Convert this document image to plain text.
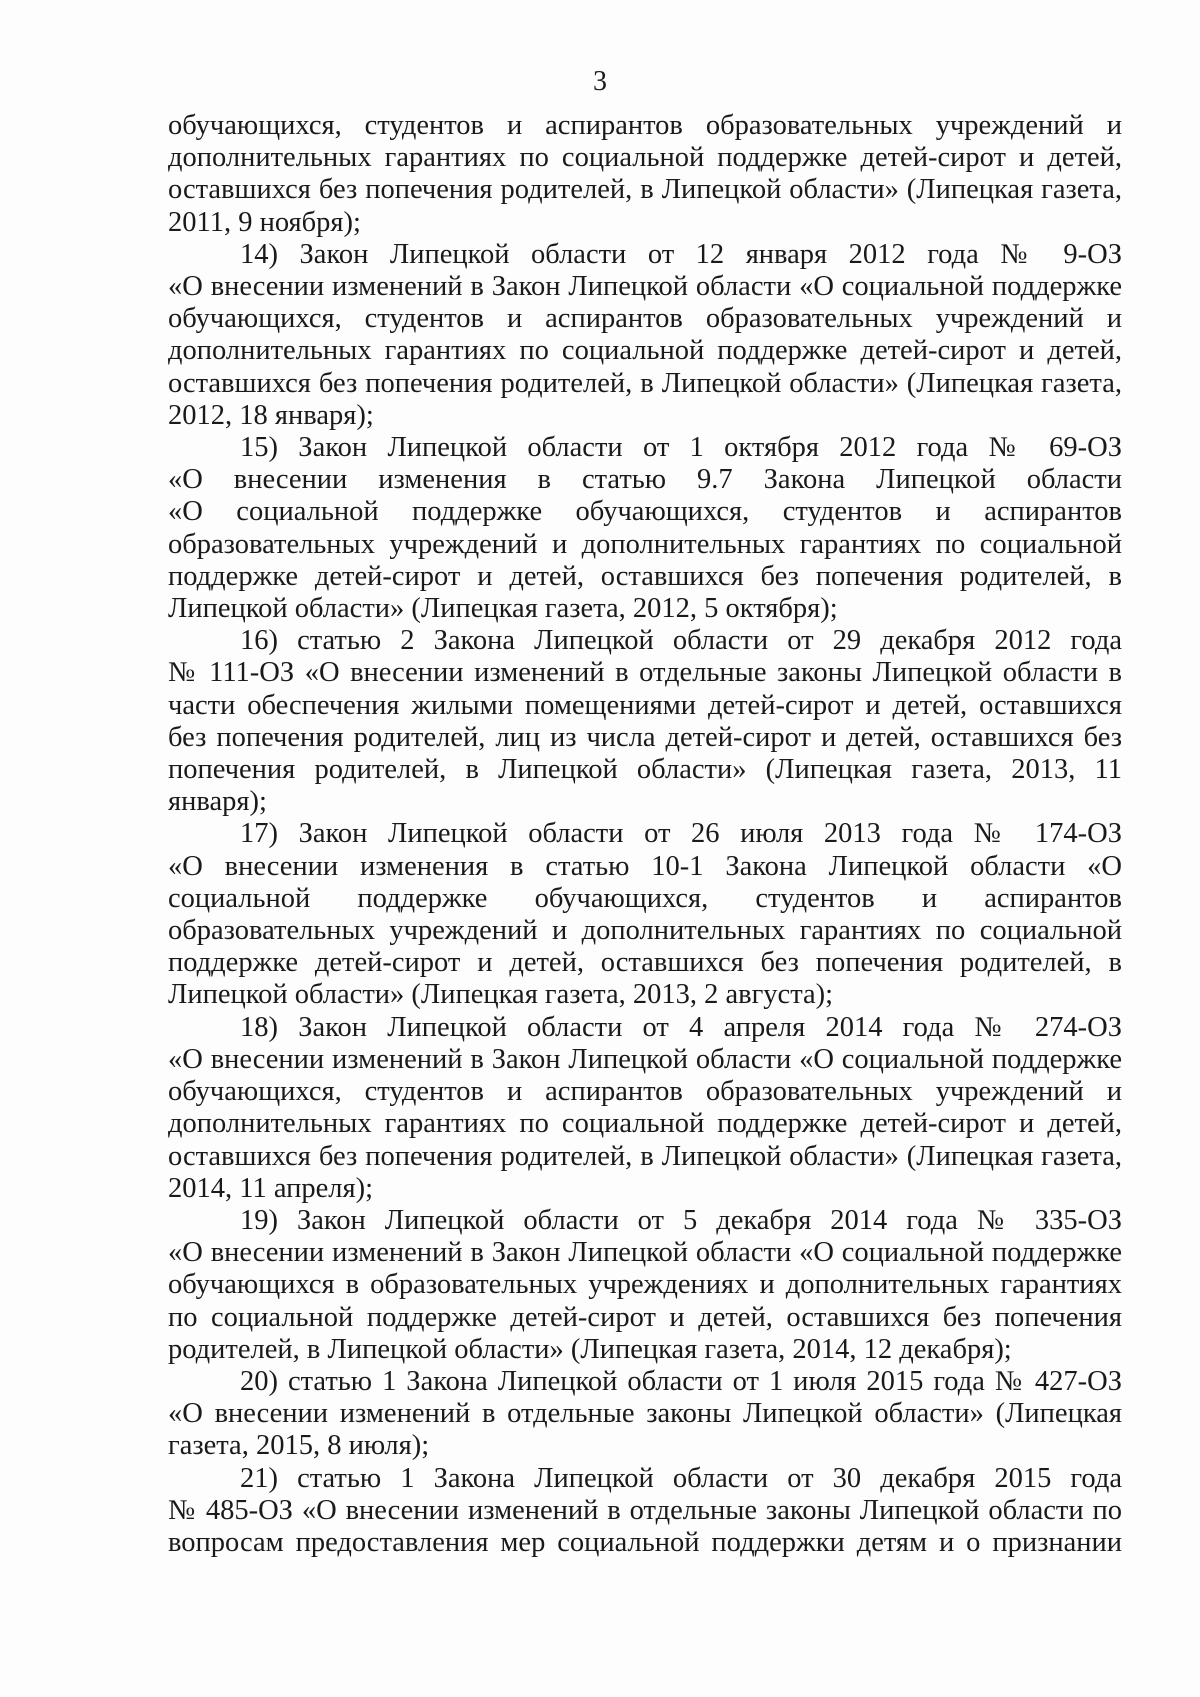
3
обучающихся, студентов и аспирантов образовательных учреждений и
дополнительных гарантиях по социальной поддержке детей-сирот и детей,
оставшихся без попечения родителей, в Липецкой области» (Липецкая газета,
2011, 9 ноября);
14) Закон Липецкой области от 12 января 2012 года № 9-ОЗ
«О внесении изменений в Закон Липецкой области «О социальной поддержке
обучающихся, студентов и аспирантов образовательных учреждений и
дополнительных гарантиях по социальной поддержке детей-сирот и детей,
оставшихся без попечения родителей, в Липецкой области» (Липецкая газета,
2012, 18 января);
15) Закон Липецкой области от 1 октября 2012 года № 69-ОЗ
«О внесении изменения в статью 9.7 Закона Липецкой области
«О социальной поддержке обучающихся, студентов и аспирантов
образовательных учреждений и дополнительных гарантиях по социальной
поддержке детей-сирот и детей, оставшихся без попечения родителей, в
Липецкой области» (Липецкая газета, 2012, 5 октября);
16) статью 2 Закона Липецкой области от 29 декабря 2012 года
№ 111-ОЗ «О внесении изменений в отдельные законы Липецкой области в
части обеспечения жилыми помещениями детей-сирот и детей, оставшихся
без попечения родителей, лиц из числа детей-сирот и детей, оставшихся без
попечения родителей, в Липецкой области» (Липецкая газета, 2013, 11
января);
17) Закон Липецкой области от 26 июля 2013 года № 174-ОЗ
«О внесении изменения в статью 10-1 Закона Липецкой области «О
социальной поддержке обучающихся, студентов и аспирантов
образовательных учреждений и дополнительных гарантиях по социальной
поддержке детей-сирот и детей, оставшихся без попечения родителей, в
Липецкой области» (Липецкая газета, 2013, 2 августа);
18) Закон Липецкой области от 4 апреля 2014 года № 274-ОЗ
«О внесении изменений в Закон Липецкой области «О социальной поддержке
обучающихся, студентов и аспирантов образовательных учреждений и
дополнительных гарантиях по социальной поддержке детей-сирот и детей,
оставшихся без попечения родителей, в Липецкой области» (Липецкая газета,
2014, 11 апреля);
19) Закон Липецкой области от 5 декабря 2014 года № 335-ОЗ
«О внесении изменений в Закон Липецкой области «О социальной поддержке
обучающихся в образовательных учреждениях и дополнительных гарантиях
по социальной поддержке детей-сирот и детей, оставшихся без попечения
родителей, в Липецкой области» (Липецкая газета, 2014, 12 декабря);
20) статью 1 Закона Липецкой области от 1 июля 2015 года № 427-ОЗ
«О внесении изменений в отдельные законы Липецкой области» (Липецкая
газета, 2015, 8 июля);
21) статью 1 Закона Липецкой области от 30 декабря 2015 года
№ 485-ОЗ «О внесении изменений в отдельные законы Липецкой области по
вопросам предоставления мер социальной поддержки детям и о признании
